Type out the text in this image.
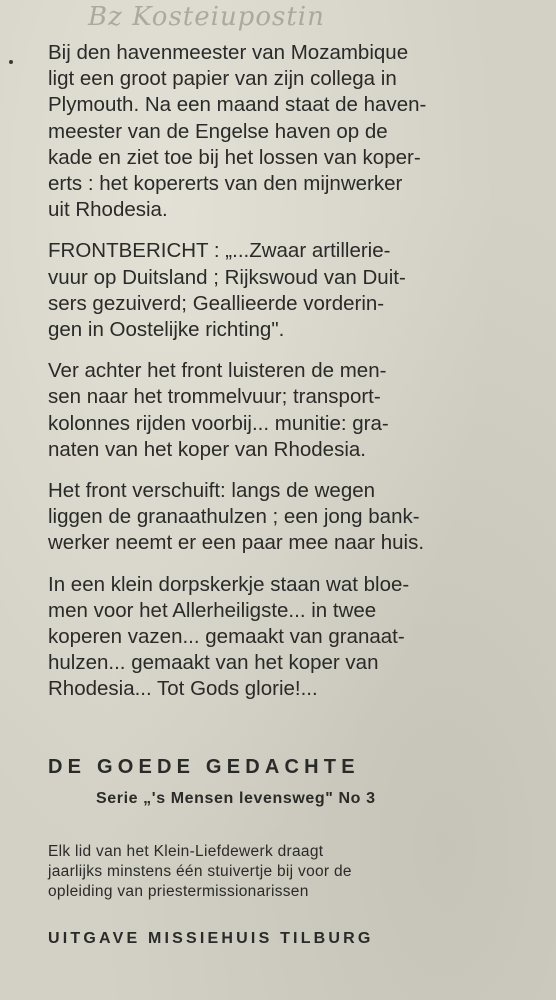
Bz Kosteiupostin

Bij den havenmeester van Mozambique
ligt een groot papier van zijn collega in
Plymouth. Na een maand staat de haven-
meester van de Engelse haven op de
kade en ziet toe bij het lossen van koper-
erts : het kopererts van den mijnwerker
uit Rhodesia.

FRONTBERICHT : „...Zwaar artillerie-
vuur op Duitsland ; Rijkswoud van Duit-
sers gezuiverd; Geallieerde vorderin-
gen in Oostelijke richting".

Ver achter het front luisteren de men-
sen naar het trommelvuur; transport-
kolonnes rijden voorbij... munitie: gra-
naten van het koper van Rhodesia.

Het front verschuift: langs de wegen
liggen de granaathulzen ; een jong bank-
werker neemt er een paar mee naar huis.

In een klein dorpskerkje staan wat bloe-
men voor het Allerheiligste... in twee
koperen vazen... gemaakt van granaat-
hulzen... gemaakt van het koper van
Rhodesia... Tot Gods glorie!...

DE GOEDE GEDACHTE
Serie „'s Mensen levensweg" No 3
Elk lid van het Klein-Liefdewerk draagt
jaarlijks minstens één stuivertje bij voor de
opleiding van priestermissionarissen
UITGAVE MISSIEHUIS TILBURG
